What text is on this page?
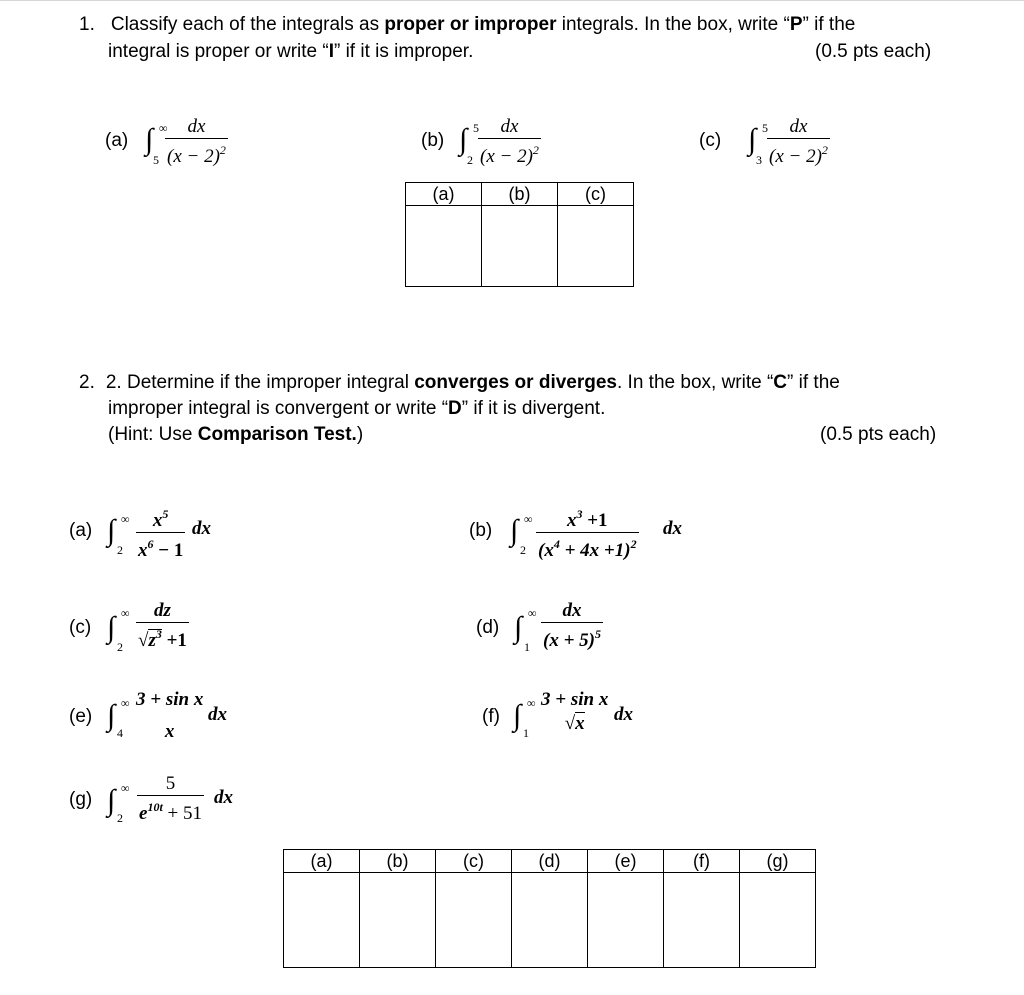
1. Classify each of the integrals as proper or improper integrals. In the box, write “P” if the
integral is proper or write “I” if it is improper.	(0.5 pts each)
(a) ∫ ∞
5
dx
$(x - 2)^2$	(b) ∫ 5
2
dx
$(x - 2)^2$	(c) ∫ 5
3
dx
$(x - 2)^2$
(a)	(b)	(c)

2. 2. Determine if the improper integral converges or diverges. In the box, write “C” if the
improper integral is convergent or write “D” if it is divergent.
(Hint: Use Comparison Test.)	(0.5 pts each)
(a) ∫ ∞
2
$x^5$
$x^6 - 1$
dx	(b) ∫ ∞
2
$x^3 +1$
$(x^4 + 4x +1)^2$
dx
(c) ∫ ∞
2
dz
$√z^3 +1$
(d) ∫ ∞
1
dx
$(x + 5)^5$
(e) ∫ ∞
4
3 + sin x
x
dx	(f) ∫ ∞
1
3 + sin x
√x dx
(g) ∫ ∞
2
5
$e^{10t} + 51$
dx
(a)	(b)	(c)	(d)	(e)	(f)	(g)
